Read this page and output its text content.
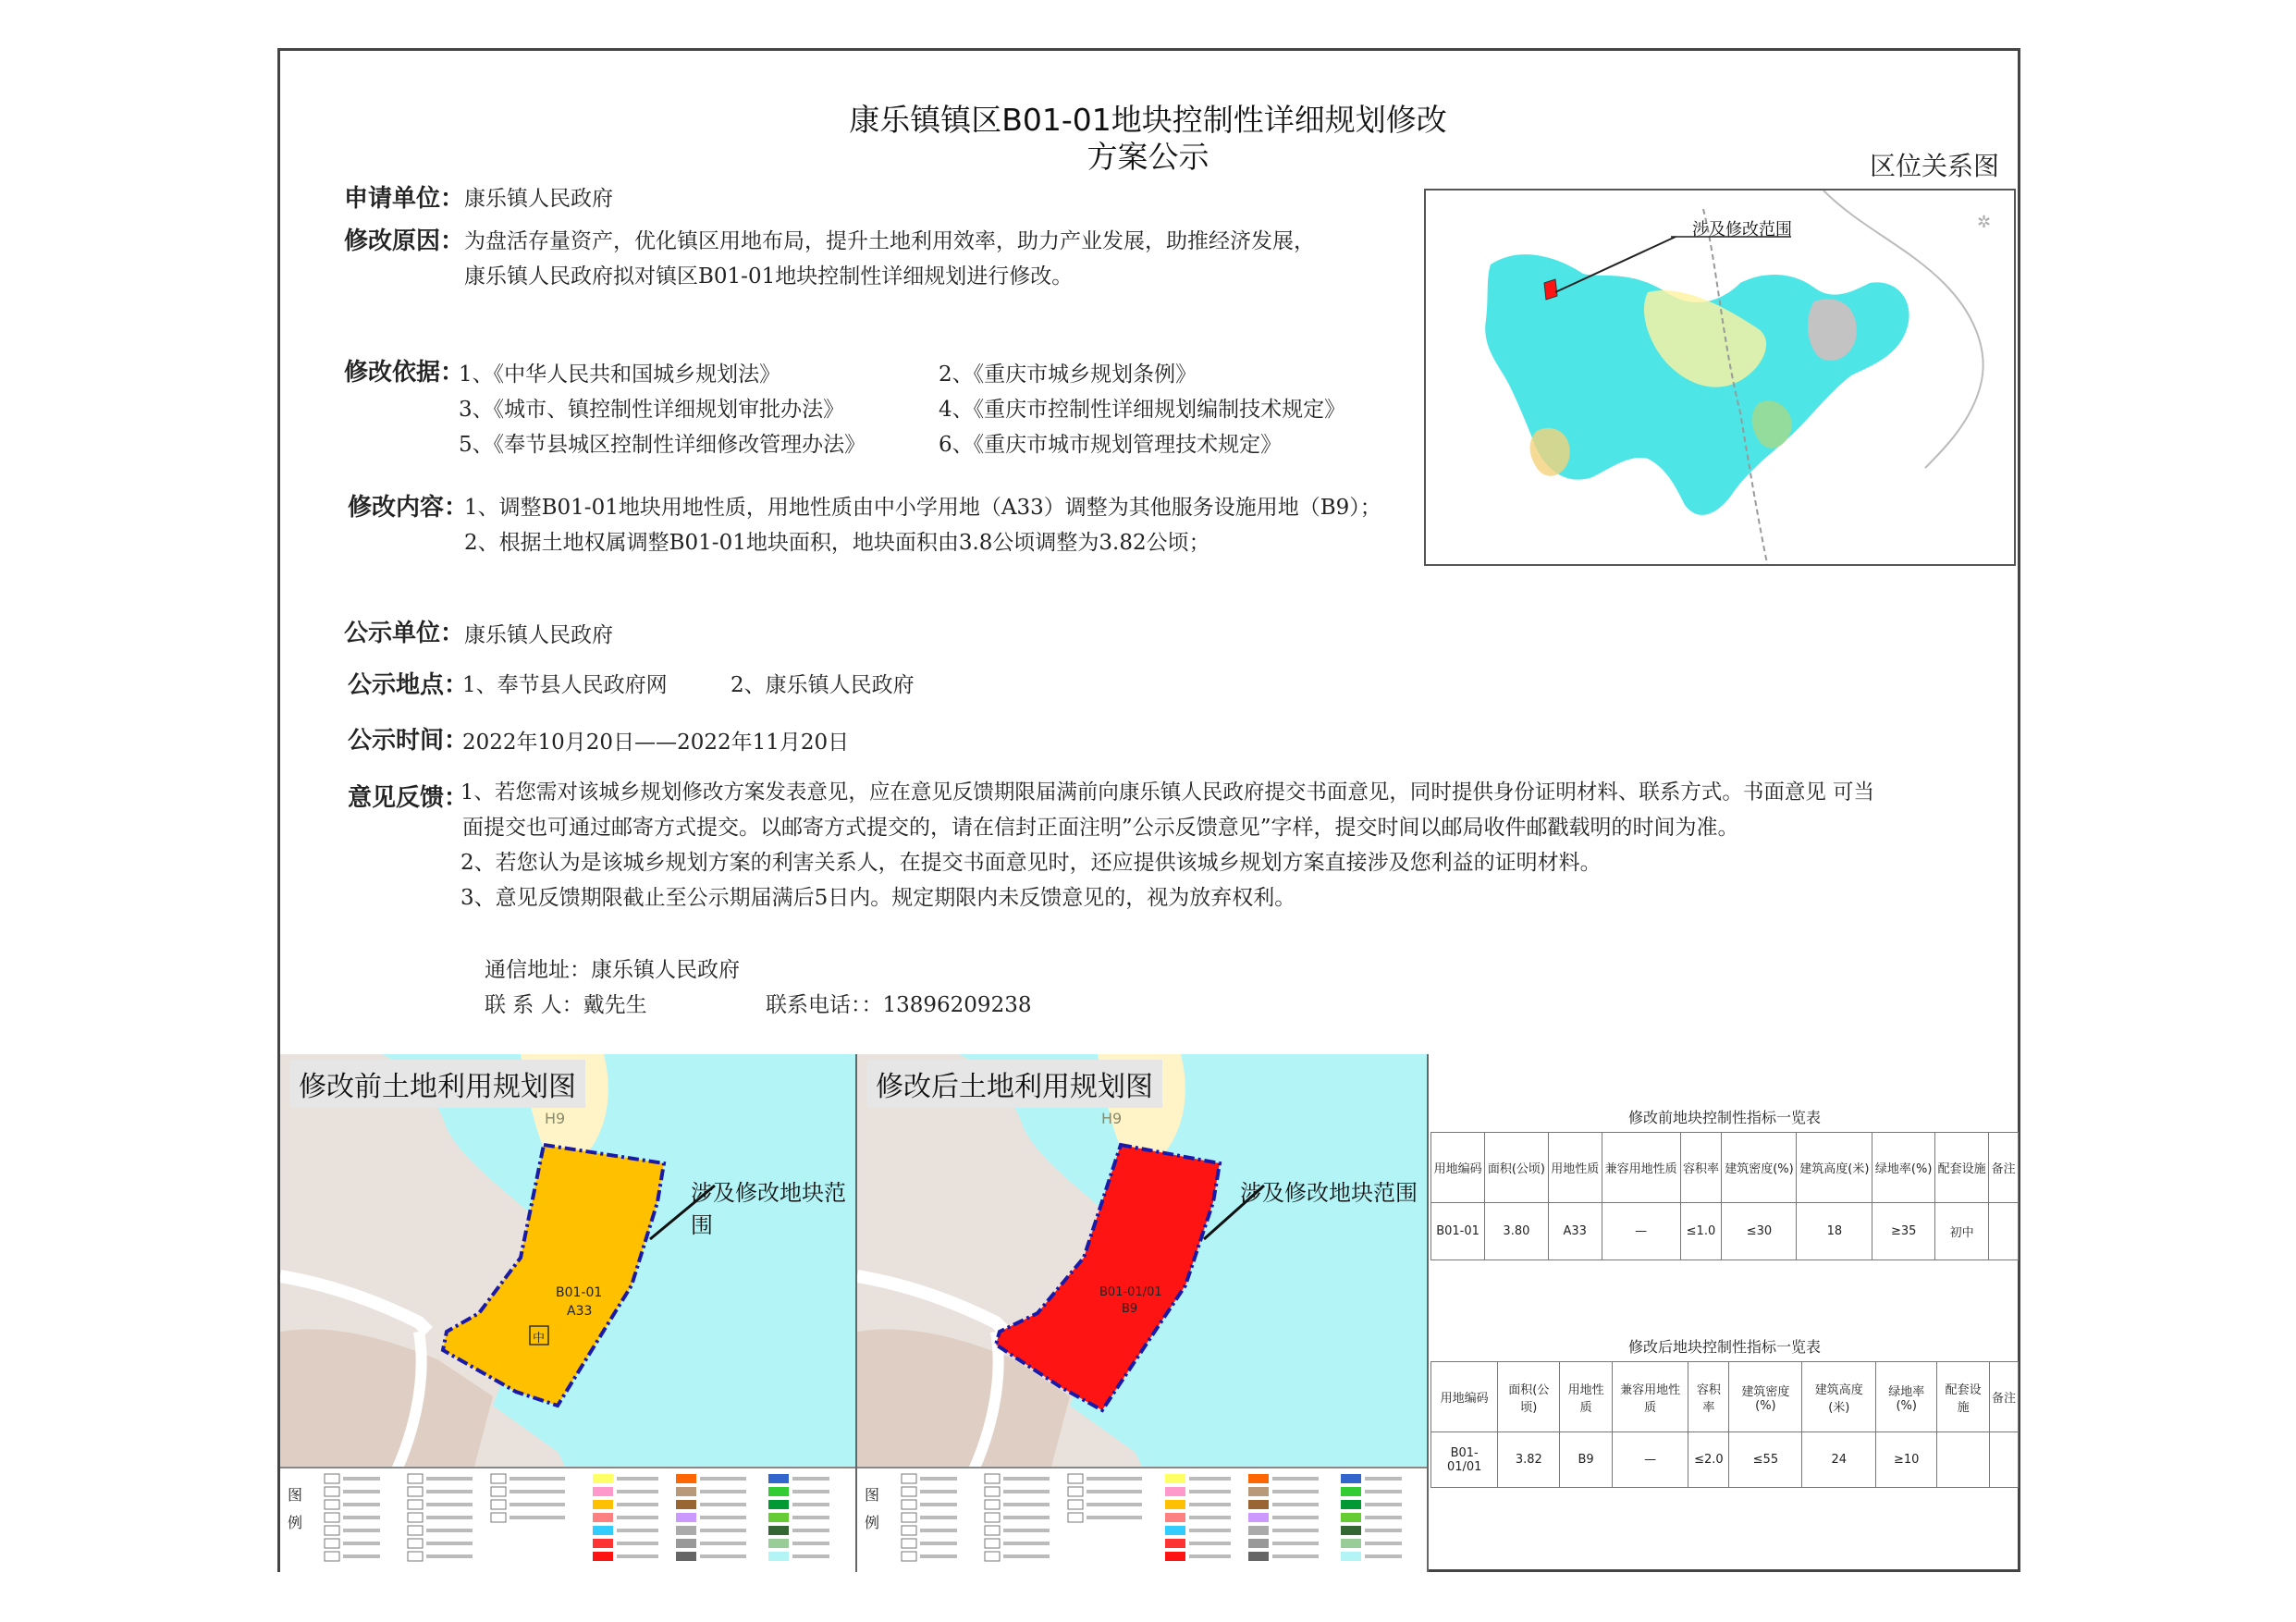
康乐镇镇区B01-01地块控制性详细规划修改
方案公示	区位关系图
✲
涉及修改范围
申请单位： 康乐镇人民政府
修改原因： 为盘活存量资产，优化镇区用地布局，提升土地利用效率，助力产业发展，助推经济发展，
康乐镇人民政府拟对镇区B01-01地块控制性详细规划进行修改。
修改依据：
1、《中华人民共和国城乡规划法》	2、《重庆市城乡规划条例》
3、《城市、镇控制性详细规划审批办法》	4、《重庆市控制性详细规划编制技术规定》
5、《奉节县城区控制性详细修改管理办法》	6、《重庆市城市规划管理技术规定》
修改内容：
1、调整B01-01地块用地性质，用地性质由中小学用地（A33）调整为其他服务设施用地（B9）；
2、根据土地权属调整B01-01地块面积，地块面积由3.8公顷调整为3.82公顷；
公示单位： 康乐镇人民政府
公示地点：
1、奉节县人民政府网	2、康乐镇人民政府
公示时间：
2022年10月20日——2022年11月20日
意见反馈：
1、若您需对该城乡规划修改方案发表意见，应在意见反馈期限届满前向康乐镇人民政府提交书面意见，同时提供身份证明材料、联系方式。书面意见 可当
面提交也可通过邮寄方式提交。以邮寄方式提交的，请在信封正面注明”公示反馈意见”字样，提交时间以邮局收件邮戳载明的时间为准。
2、若您认为是该城乡规划方案的利害关系人，在提交书面意见时，还应提供该城乡规划方案直接涉及您利益的证明材料。
3、意见反馈期限截止至公示期届满后5日内。规定期限内未反馈意见的，视为放弃权利。
通信地址：康乐镇人民政府
联 系 人：戴先生	联系电话：：13896209238
修改前土地利用规划图
涉及修改地块范围
H9
B01-01
A33
中
图例
修改后土地利用规划图
涉及修改地块范围
H9
B01-01/01
B9
图例
修改前地块控制性指标一览表
用地编码	面积(公顷)	用地性质	兼容用地性质	容积率	建筑密度(%)	建筑高度(米)	绿地率(%)	配套设施	备注
B01-01	3.80	A33	—	≤1.0	≤30	18	≥35	初中	
修改后地块控制性指标一览表
用地编码	面积(公顷)	用地性质	兼容用地性质	容积率	建筑密度(%)	建筑高度(米)	绿地率(%)	配套设施	备注
B01-01/01	3.82	B9	—	≤2.0	≤55	24	≥10		
